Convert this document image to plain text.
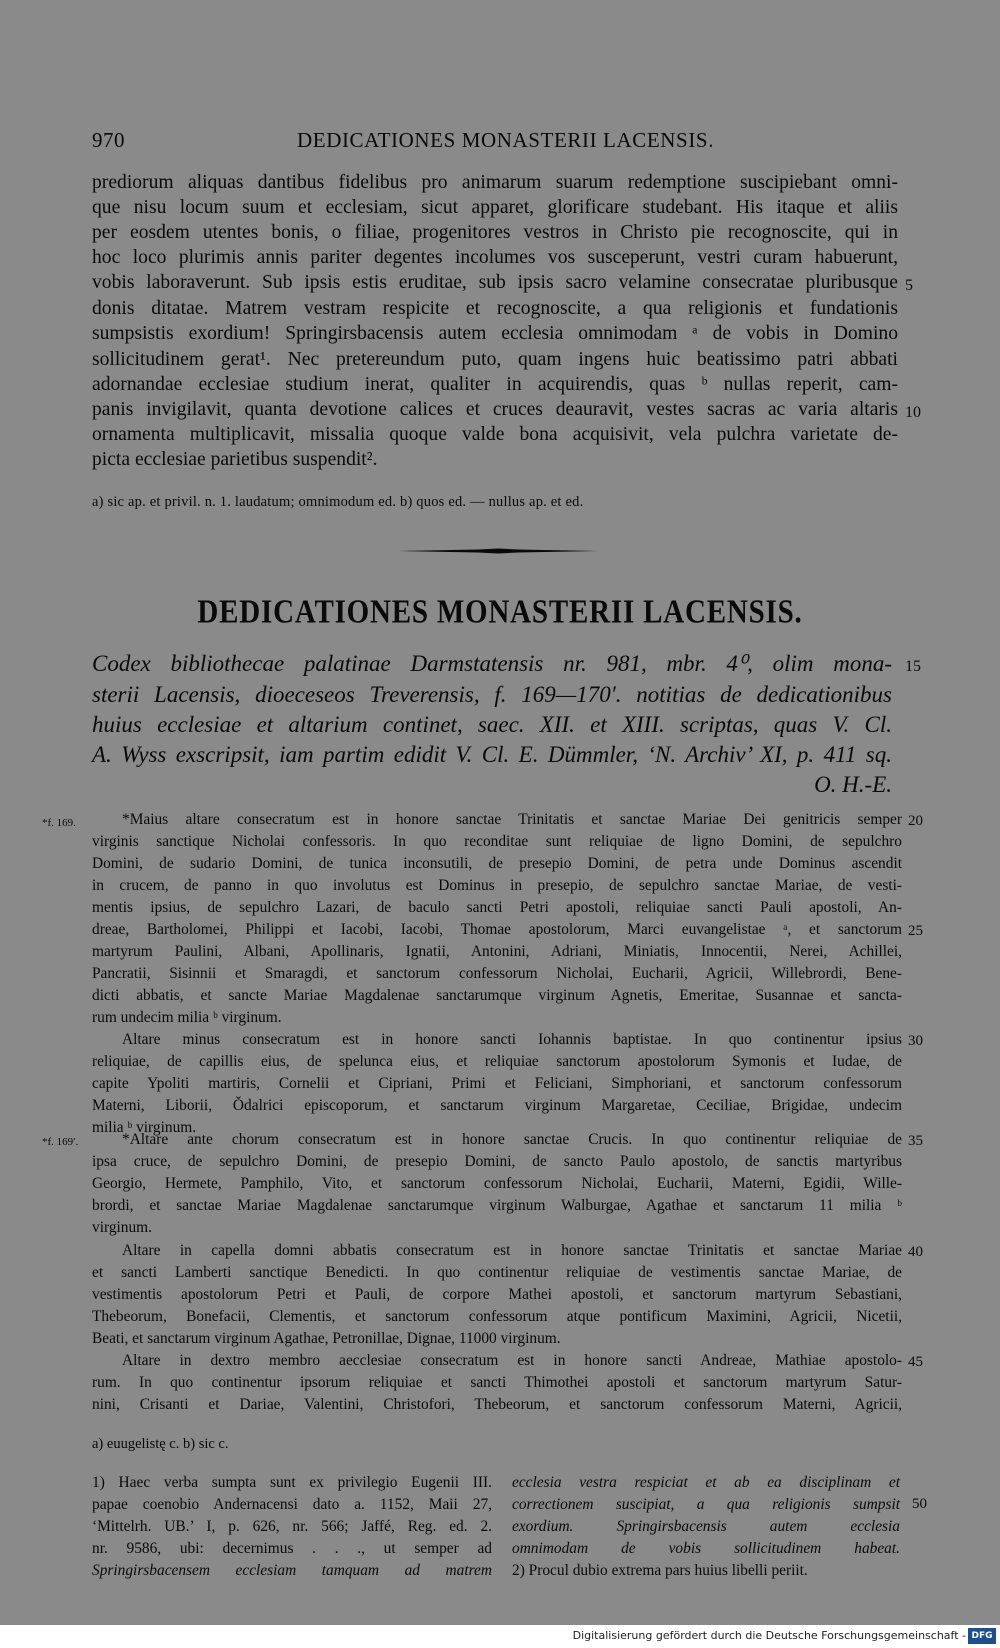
970	DEDICATIONES MONASTERII LACENSIS.
prediorum aliquas dantibus fidelibus pro animarum suarum redemptione suscipiebant omni-
que nisu locum suum et ecclesiam, sicut apparet, glorificare studebant. His itaque et aliis
per eosdem utentes bonis, o filiae, progenitores vestros in Christo pie recognoscite, qui in
hoc loco plurimis annis pariter degentes incolumes vos susceperunt, vestri curam habuerunt,
vobis laboraverunt. Sub ipsis estis eruditae, sub ipsis sacro velamine consecratae pluribusque
donis ditatae. Matrem vestram respicite et recognoscite, a qua religionis et fundationis
sumpsistis exordium! Springirsbacensis autem ecclesia omnimodam ᵃ de vobis in Domino
sollicitudinem gerat¹. Nec pretereundum puto, quam ingens huic beatissimo patri abbati
adornandae ecclesiae studium inerat, qualiter in acquirendis, quas ᵇ nullas reperit, cam-
panis invigilavit, quanta devotione calices et cruces deauravit, vestes sacras ac varia altaris
ornamenta multiplicavit, missalia quoque valde bona acquisivit, vela pulchra varietate de-
picta ecclesiae parietibus suspendit².
5
10
a) sic ap. et privil. n. 1. laudatum; omnimodum ed. b) quos ed. — nullus ap. et ed.
DEDICATIONES MONASTERII LACENSIS.
Codex bibliothecae palatinae Darmstatensis nr. 981, mbr. 4⁰, olim mona-
sterii Lacensis, dioeceseos Treverensis, f. 169—170′. notitias de dedicationibus
huius ecclesiae et altarium continet, saec. XII. et XIII. scriptas, quas V. Cl.
A. Wyss exscripsit, iam partim edidit V. Cl. E. Dümmler, ‘N. Archiv’ XI, p. 411 sq.
O. H.-E.
15
*f. 169.
*f. 169′.
*Maius altare consecratum est in honore sanctae Trinitatis et sanctae Mariae Dei genitricis semper
virginis sanctique Nicholai confessoris. In quo reconditae sunt reliquiae de ligno Domini, de sepulchro
Domini, de sudario Domini, de tunica inconsutili, de presepio Domini, de petra unde Dominus ascendit
in crucem, de panno in quo involutus est Dominus in presepio, de sepulchro sanctae Mariae, de vesti-
mentis ipsius, de sepulchro Lazari, de baculo sancti Petri apostoli, reliquiae sancti Pauli apostoli, An-
dreae, Bartholomei, Philippi et Iacobi, Iacobi, Thomae apostolorum, Marci euvangelistae ᵃ, et sanctorum
martyrum Paulini, Albani, Apollinaris, Ignatii, Antonini, Adriani, Miniatis, Innocentii, Nerei, Achillei,
Pancratii, Sisinnii et Smaragdi, et sanctorum confessorum Nicholai, Eucharii, Agricii, Willebrordi, Bene-
dicti abbatis, et sancte Mariae Magdalenae sanctarumque virginum Agnetis, Emeritae, Susannae et sancta-
rum undecim milia ᵇ virginum.
Altare minus consecratum est in honore sancti Iohannis baptistae. In quo continentur ipsius
reliquiae, de capillis eius, de spelunca eius, et reliquiae sanctorum apostolorum Symonis et Iudae, de
capite Ypoliti martiris, Cornelii et Cipriani, Primi et Feliciani, Simphoriani, et sanctorum confessorum
Materni, Liborii, Ŏdalrici episcoporum, et sanctarum virginum Margaretae, Ceciliae, Brigidae, undecim
milia ᵇ virginum.
*Altare ante chorum consecratum est in honore sanctae Crucis. In quo continentur reliquiae de
ipsa cruce, de sepulchro Domini, de presepio Domini, de sancto Paulo apostolo, de sanctis martyribus
Georgio, Hermete, Pamphilo, Vito, et sanctorum confessorum Nicholai, Eucharii, Materni, Egidii, Wille-
brordi, et sanctae Mariae Magdalenae sanctarumque virginum Walburgae, Agathae et sanctarum 11 milia ᵇ
virginum.
Altare in capella domni abbatis consecratum est in honore sanctae Trinitatis et sanctae Mariae
et sancti Lamberti sanctique Benedicti. In quo continentur reliquiae de vestimentis sanctae Mariae, de
vestimentis apostolorum Petri et Pauli, de corpore Mathei apostoli, et sanctorum martyrum Sebastiani,
Thebeorum, Bonefacii, Clementis, et sanctorum confessorum atque pontificum Maximini, Agricii, Nicetii,
Beati, et sanctarum virginum Agathae, Petronillae, Dignae, 11000 virginum.
Altare in dextro membro aecclesiae consecratum est in honore sancti Andreae, Mathiae apostolo-
rum. In quo continentur ipsorum reliquiae et sancti Thimothei apostoli et sanctorum martyrum Satur-
nini, Crisanti et Dariae, Valentini, Christofori, Thebeorum, et sanctorum confessorum Materni, Agricii,
20
25
30
35
40
45
a) euugelistę c. b) sic c.
1) Haec verba sumpta sunt ex privilegio Eugenii III.
papae coenobio Andernacensi dato a. 1152, Maii 27,
‘Mittelrh. UB.’ I, p. 626, nr. 566; Jaffé, Reg. ed. 2.
nr. 9586, ubi: decernimus . . ., ut semper ad
Springirsbacensem ecclesiam tamquam ad matrem
ecclesia vestra respiciat et ab ea disciplinam et
correctionem suscipiat, a qua religionis sumpsit
exordium. Springirsbacensis autem ecclesia
omnimodam de vobis sollicitudinem habeat.
2) Procul dubio extrema pars huius libelli periit.
50
Digitalisierung gefördert durch die Deutsche Forschungsgemeinschaft - DFG
